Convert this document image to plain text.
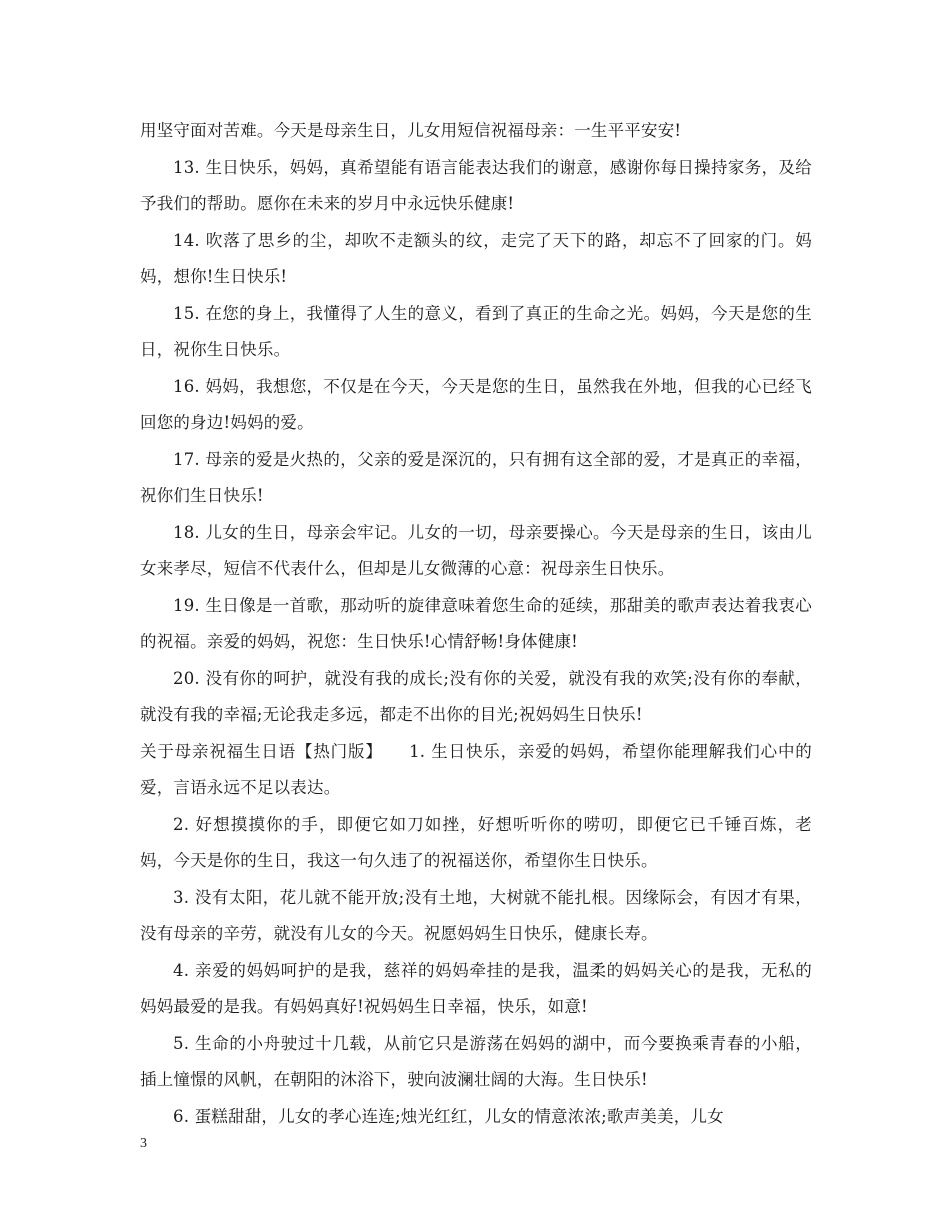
用坚守面对苦难。今天是母亲生日，儿女用短信祝福母亲：一生平平安安!

13. 生日快乐，妈妈，真希望能有语言能表达我们的谢意，感谢你每日操持家务，及给予我们的帮助。愿你在未来的岁月中永远快乐健康!

14. 吹落了思乡的尘，却吹不走额头的纹，走完了天下的路，却忘不了回家的门。妈妈，想你!生日快乐!

15. 在您的身上，我懂得了人生的意义，看到了真正的生命之光。妈妈，今天是您的生日，祝你生日快乐。

16. 妈妈，我想您，不仅是在今天，今天是您的生日，虽然我在外地，但我的心已经飞回您的身边!妈妈的爱。

17. 母亲的爱是火热的，父亲的爱是深沉的，只有拥有这全部的爱，才是真正的幸福，祝你们生日快乐!

18. 儿女的生日，母亲会牢记。儿女的一切，母亲要操心。今天是母亲的生日，该由儿女来孝尽，短信不代表什么，但却是儿女微薄的心意：祝母亲生日快乐。

19. 生日像是一首歌，那动听的旋律意味着您生命的延续，那甜美的歌声表达着我衷心的祝福。亲爱的妈妈，祝您：生日快乐!心情舒畅!身体健康!

20. 没有你的呵护，就没有我的成长;没有你的关爱，就没有我的欢笑;没有你的奉献，就没有我的幸福;无论我走多远，都走不出你的目光;祝妈妈生日快乐!

关于母亲祝福生日语【热门版】　　1. 生日快乐，亲爱的妈妈，希望你能理解我们心中的爱，言语永远不足以表达。

2. 好想摸摸你的手，即便它如刀如挫，好想听听你的唠叨，即便它已千锤百炼，老妈，今天是你的生日，我这一句久违了的祝福送你，希望你生日快乐。

3. 没有太阳，花儿就不能开放;没有土地，大树就不能扎根。因缘际会，有因才有果，没有母亲的辛劳，就没有儿女的今天。祝愿妈妈生日快乐，健康长寿。

4. 亲爱的妈妈呵护的是我，慈祥的妈妈牵挂的是我，温柔的妈妈关心的是我，无私的妈妈最爱的是我。有妈妈真好!祝妈妈生日幸福，快乐，如意!

5. 生命的小舟驶过十几载，从前它只是游荡在妈妈的湖中，而今要换乘青春的小船，插上憧憬的风帆，在朝阳的沐浴下，驶向波澜壮阔的大海。生日快乐!

6. 蛋糕甜甜，儿女的孝心连连;烛光红红，儿女的情意浓浓;歌声美美，儿女

3
